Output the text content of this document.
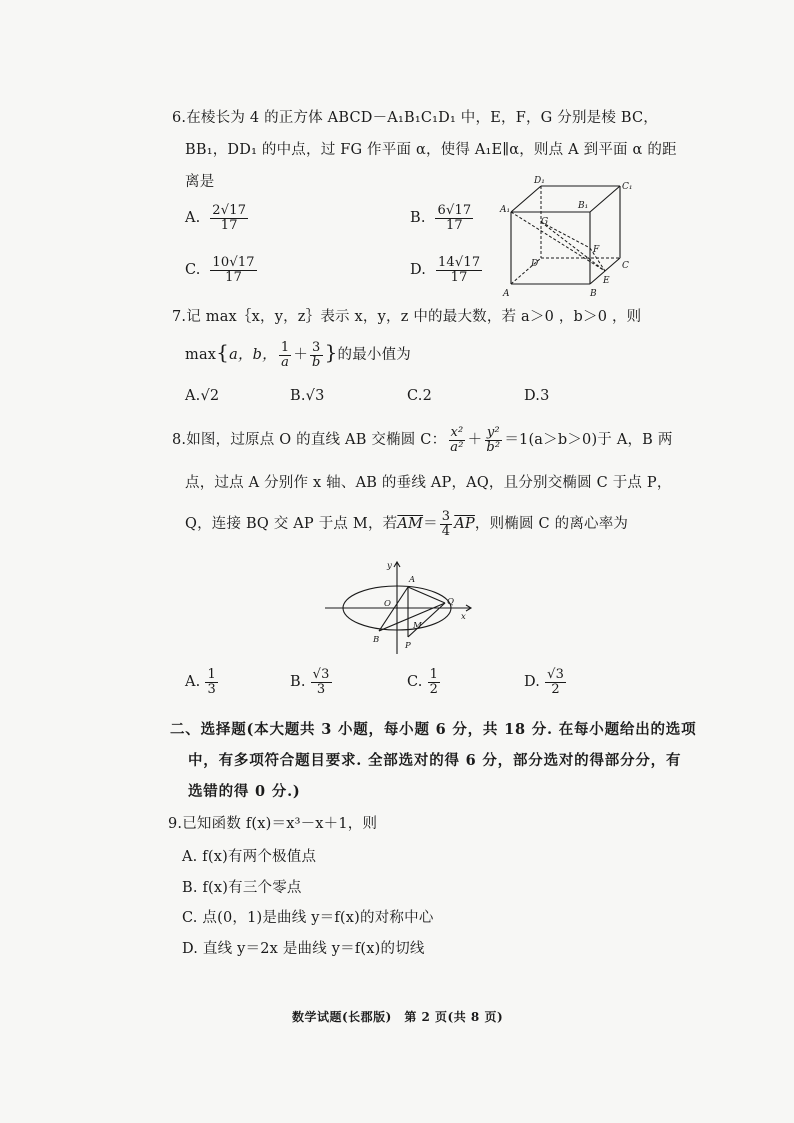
6.在棱长为 4 的正方体 ABCD－A₁B₁C₁D₁ 中，E，F，G 分别是棱 BC，
BB₁，DD₁ 的中点，过 FG 作平面 α，使得 A₁E∥α，则点 A 到平面 α 的距
离是
A. $\frac{2√17}{17}$	B. $\frac{6√17}{17}$
C. $\frac{10√17}{17}$	D. $\frac{14√17}{17}$
A₁
D₁
C₁
B₁
G
F
D	C
E
A	B
7.记 max｛x，y，z｝表示 x，y，z 中的最大数，若 a＞0 ，b＞0 ，则
max{a，b， $\frac{1}{a} + \frac{3}{b}$ }的最小值为
A.√2	B.√3	C.2	D.3
8.如图，过原点 O 的直线 AB 交椭圆 C： $\frac{\text{x²}}{\text{a²}} + \frac{\text{y²}}{\text{b²}} =1(a>b>0)$于 A，B 两
点，过点 A 分别作 x 轴、AB 的垂线 AP，AQ，且分别交椭圆 C 于点 P，
Q，连接 BQ 交 AP 于点 M，若$\overline{AM}= \frac{3}{4} \overline{AP}$，则椭圆 C 的离心率为
y
x
O
A
B
P
Q
M
A. $\frac{1}{3}$	B. $\frac{√3}{3}$	C. $\frac{1}{2}$	D. $\frac{√3}{2}$
二、选择题(本大题共 3 小题，每小题 6 分，共 18 分. 在每小题给出的选项
中，有多项符合题目要求. 全部选对的得 6 分，部分选对的得部分分，有
选错的得 0 分.)
9.已知函数 f(x)＝x³－x＋1，则
A. f(x)有两个极值点
B. f(x)有三个零点
C. 点(0，1)是曲线 y＝f(x)的对称中心
D. 直线 y＝2x 是曲线 y＝f(x)的切线
数学试题(长郡版)　第 2 页(共 8 页)
